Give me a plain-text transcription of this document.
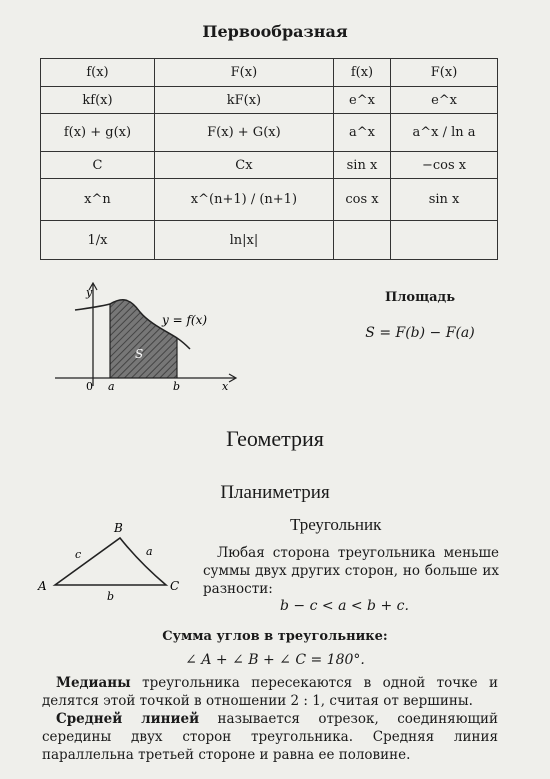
Первообразная
f(x)	F(x)	f(x)	F(x)
kf(x)	kF(x)	e^x	e^x
f(x) + g(x)	F(x) + G(x)	a^x	a^x / ln a
C	Cx	sin x	−cos x
x^n	x^(n+1) / (n+1)	cos x	sin x
1/x	ln|x|		
y
x
0 a	b
S
y = f(x)
Площадь
S = F(b) − F(a)
Геометрия
Планиметрия
B
A	C
c	a
b
Треугольник
Любая сторона треугольника меньше суммы двух других сторон, но больше их разности:
b − c < a < b + c.
Сумма углов в треугольнике:
∠ A + ∠ B + ∠ C = 180°.
Медианы треугольника пересекаются в одной точке и делятся этой точкой в отношении 2 : 1, считая от вершины.
Средней линией называется отрезок, соединяющий середины двух сторон треугольника. Средняя линия параллельна третьей стороне и равна ее половине.
